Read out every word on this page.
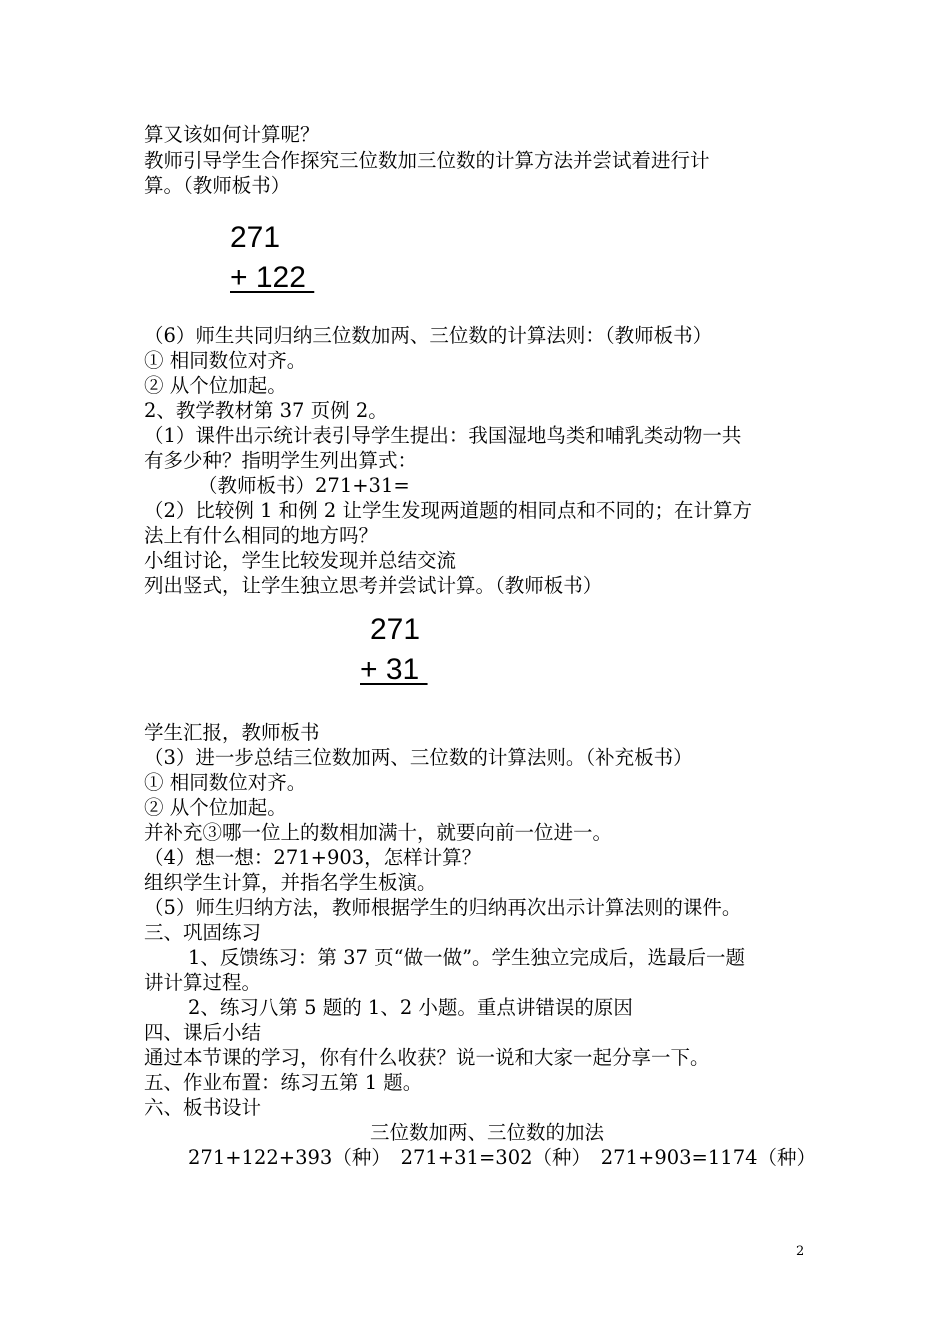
算又该如何计算呢？
教师引导学生合作探究三位数加三位数的计算方法并尝试着进行计
算。（教师板书）
271
+ 122
（6）师生共同归纳三位数加两、三位数的计算法则：（教师板书）
① 相同数位对齐。
② 从个位加起。
2、教学教材第 37 页例 2。
（1）课件出示统计表引导学生提出：我国湿地鸟类和哺乳类动物一共
有多少种？指明学生列出算式：
（教师板书）271+31=
（2）比较例 1 和例 2 让学生发现两道题的相同点和不同的；在计算方
法上有什么相同的地方吗？
小组讨论，学生比较发现并总结交流
列出竖式，让学生独立思考并尝试计算。（教师板书）
271
+ 31
学生汇报，教师板书
（3）进一步总结三位数加两、三位数的计算法则。（补充板书）
① 相同数位对齐。
② 从个位加起。
并补充③哪一位上的数相加满十，就要向前一位进一。
（4）想一想：271+903，怎样计算？
组织学生计算，并指名学生板演。
（5）师生归纳方法，教师根据学生的归纳再次出示计算法则的课件。
三、巩固练习
1、反馈练习：第 37 页“做一做”。学生独立完成后，选最后一题
讲计算过程。
2、练习八第 5 题的 1、2 小题。重点讲错误的原因
四、课后小结
通过本节课的学习，你有什么收获？说一说和大家一起分享一下。
五、作业布置：练习五第 1 题。
六、板书设计
三位数加两、三位数的加法
271+122+393（种）　271+31=302（种）　271+903=1174（种）
2
